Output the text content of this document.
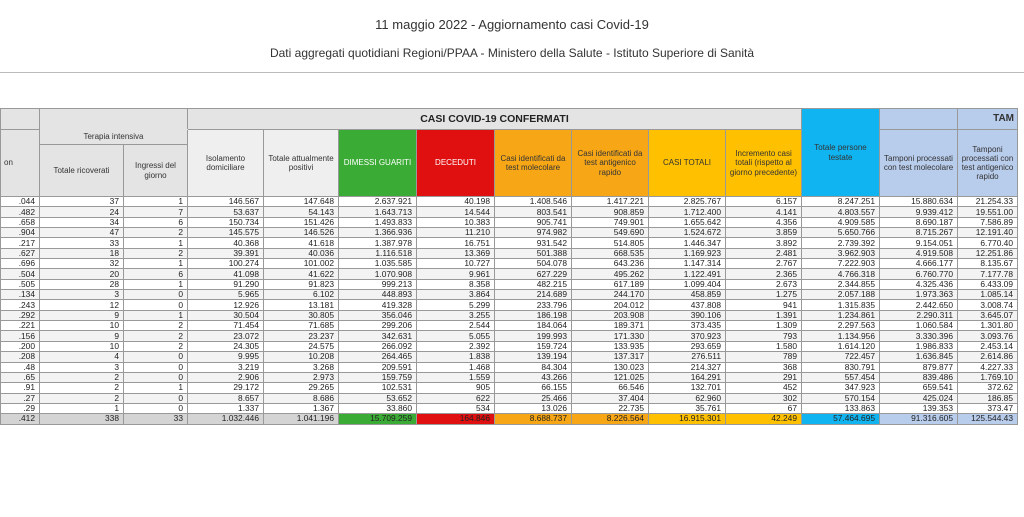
11 maggio 2022 - Aggiornamento casi Covid-19
Dati aggregati quotidiani Regioni/PPAA - Ministero della Salute - Istituto Superiore di Sanità
			CASI COVID-19 CONFERMATI								Totale persone testate		TAM
on	Terapia intensiva		Isolamento domiciliare	Totale attualmente positivi	DIMESSI GUARITI	DECEDUTI	Casi identificati da test molecolare	Casi identificati da test antigenico rapido	CASI TOTALI	Incremento casi totali (rispetto al giorno precedente)		Tamponi processati con test molecolare	Tamponi processati con test antigenico rapido
	Totale ricoverati	Ingressi del giorno											
.044	37	1	146.567	147.648	2.637.921	40.198	1.408.546	1.417.221	2.825.767	6.157	8.247.251	15.880.634	21.254.33
.482	24	7	53.637	54.143	1.643.713	14.544	803.541	908.859	1.712.400	4.141	4.803.557	9.939.412	19.551.00
.658	34	6	150.734	151.426	1.493.833	10.383	905.741	749.901	1.655.642	4.356	4.909.585	8.690.187	7.586.89
.904	47	2	145.575	146.526	1.366.936	11.210	974.982	549.690	1.524.672	3.859	5.650.766	8.715.267	12.191.40
.217	33	1	40.368	41.618	1.387.978	16.751	931.542	514.805	1.446.347	3.892	2.739.392	9.154.051	6.770.40
.627	18	2	39.391	40.036	1.116.518	13.369	501.388	668.535	1.169.923	2.481	3.962.903	4.919.508	12.251.86
.696	32	1	100.274	101.002	1.035.585	10.727	504.078	643.236	1.147.314	2.767	7.222.903	4.666.177	8.135.67
.504	20	6	41.098	41.622	1.070.908	9.961	627.229	495.262	1.122.491	2.365	4.766.318	6.760.770	7.177.78
.505	28	1	91.290	91.823	999.213	8.358	482.215	617.189	1.099.404	2.673	2.344.855	4.325.436	6.433.09
.134	3	0	5.965	6.102	448.893	3.864	214.689	244.170	458.859	1.275	2.057.188	1.973.363	1.085.14
.243	12	0	12.926	13.181	419.328	5.299	233.796	204.012	437.808	941	1.315.835	2.442.650	3.008.74
.292	9	1	30.504	30.805	356.046	3.255	186.198	203.908	390.106	1.391	1.234.861	2.290.311	3.645.07
.221	10	2	71.454	71.685	299.206	2.544	184.064	189.371	373.435	1.309	2.297.563	1.060.584	1.301.80
.156	9	2	23.072	23.237	342.631	5.055	199.993	171.330	370.923	793	1.134.956	3.330.396	3.093.76
.200	10	2	24.305	24.575	266.092	2.392	159.724	133.935	293.659	1.580	1.614.120	1.986.833	2.453.14
.208	4	0	9.995	10.208	264.465	1.838	139.194	137.317	276.511	789	722.457	1.636.845	2.614.86
.48	3	0	3.219	3.268	209.591	1.468	84.304	130.023	214.327	368	830.791	879.877	4.227.33
.65	2	0	2.906	2.973	159.759	1.559	43.266	121.025	164.291	291	557.454	839.486	1.769.10
.91	2	1	29.172	29.265	102.531	905	66.155	66.546	132.701	452	347.923	659.541	372.62
.27	2	0	8.657	8.686	53.652	622	25.466	37.404	62.960	302	570.154	425.024	186.85
.29	1	0	1.337	1.367	33.860	534	13.026	22.735	35.761	67	133.863	139.353	373.47
.412	338	33	1.032.446	1.041.196	15.709.259	164.846	8.688.737	8.226.564	16.915.301	42.249	57.464.695	91.316.605	125.544.43
